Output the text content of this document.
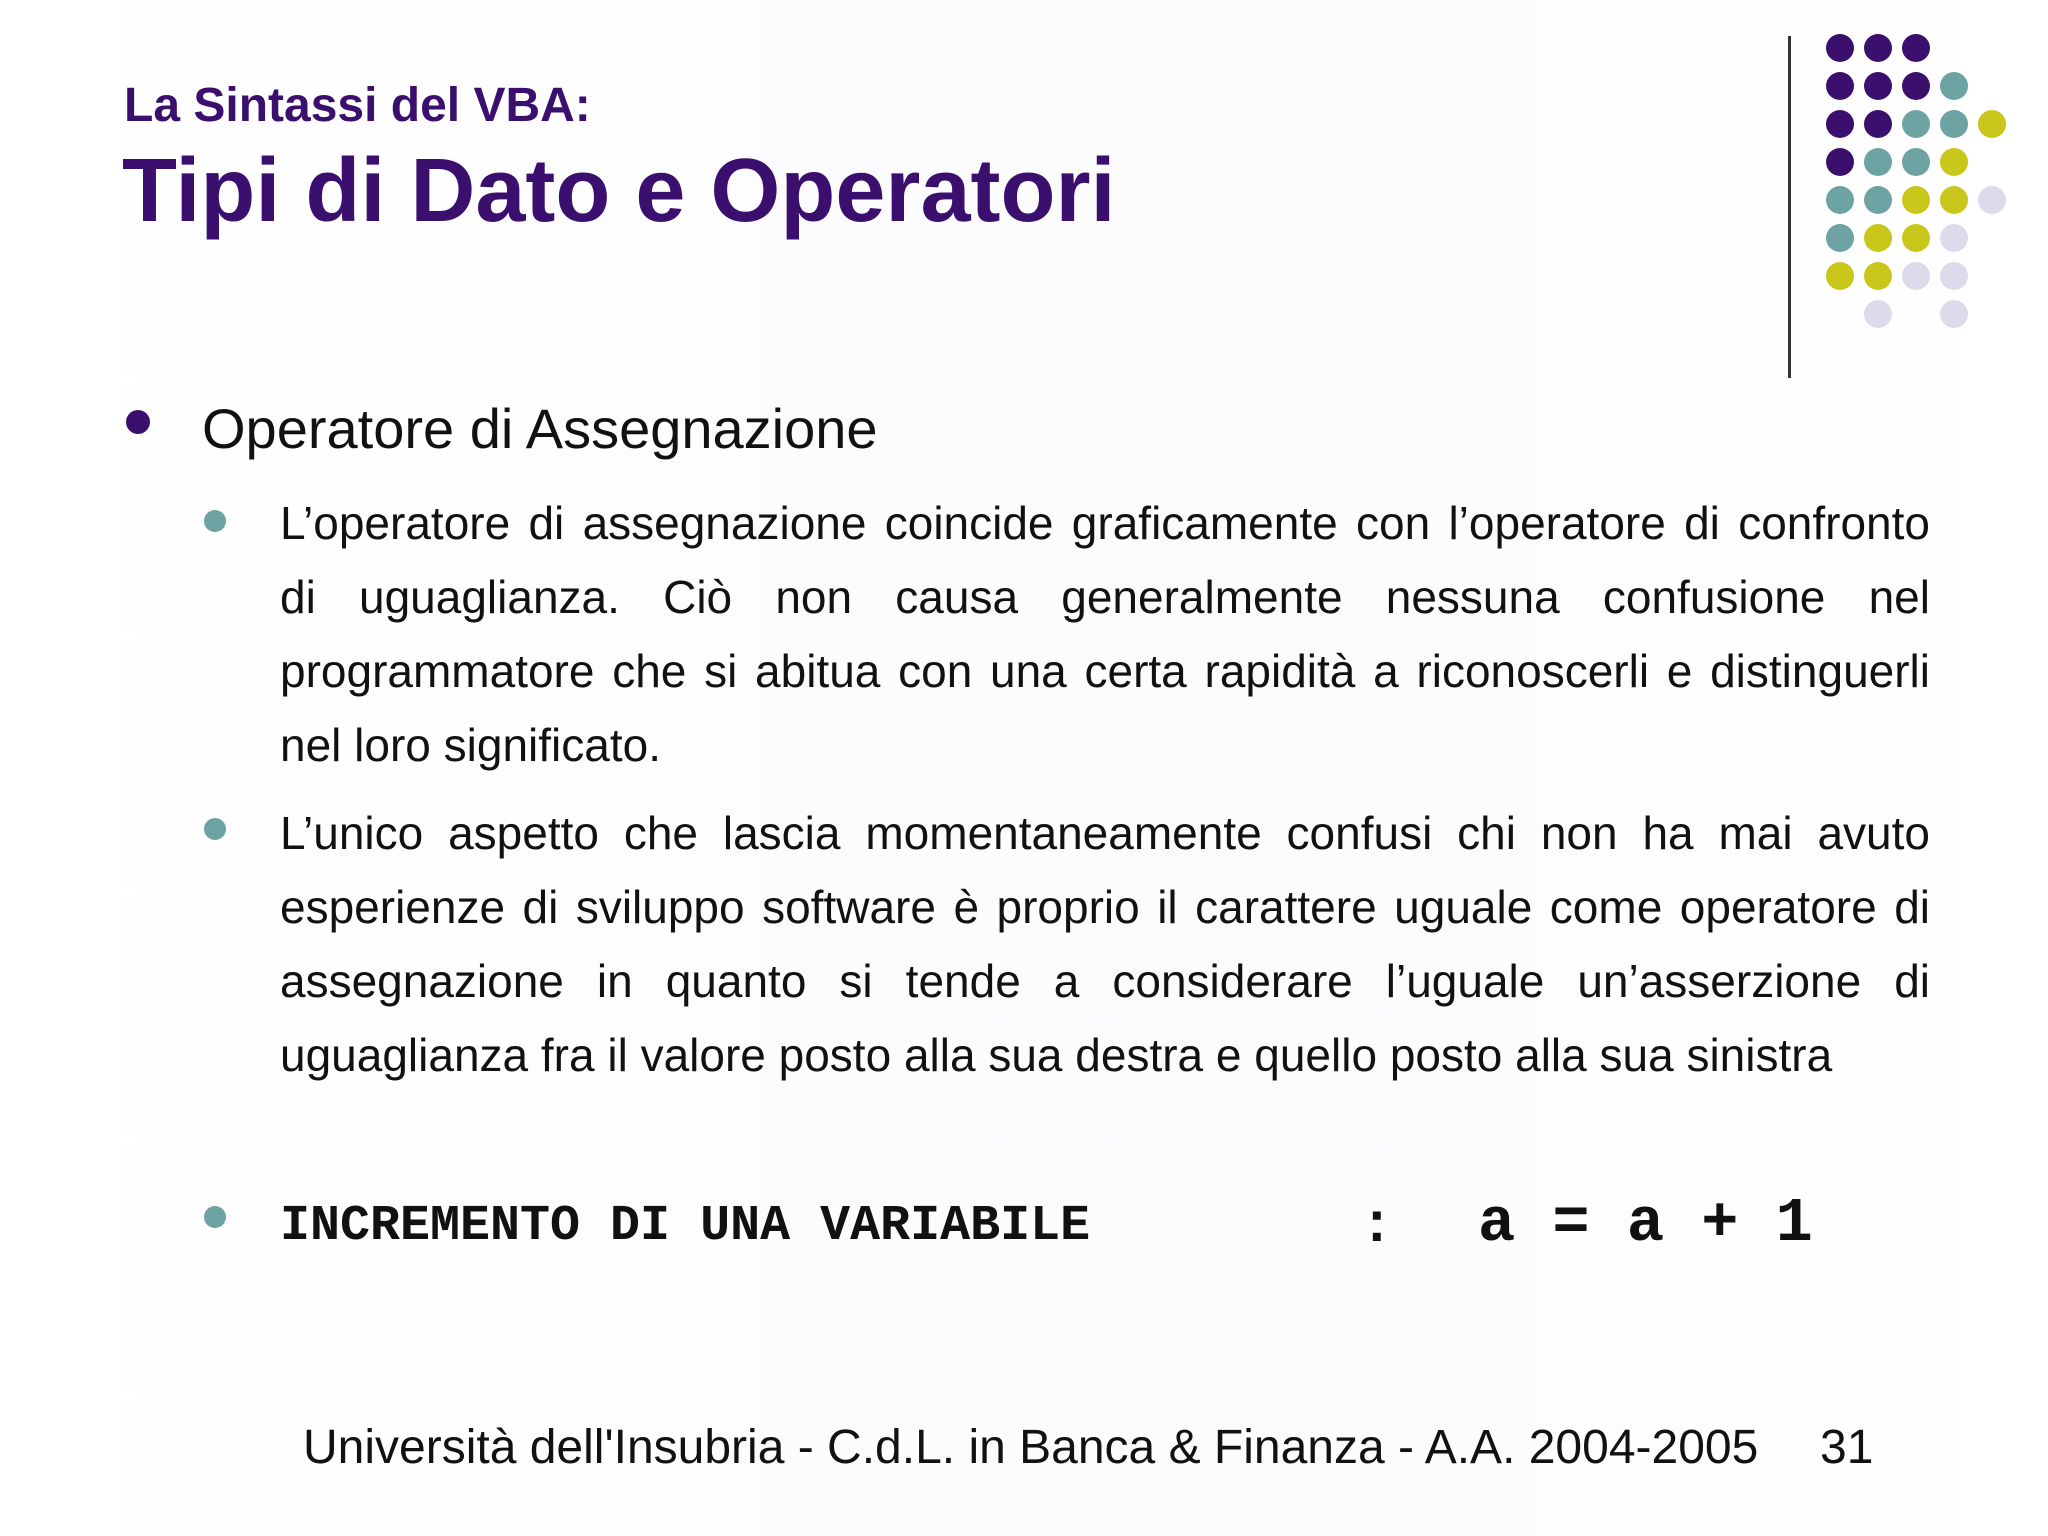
La Sintassi del VBA:
Tipi di Dato e Operatori
Operatore di Assegnazione
L’operatore di assegnazione coincide graficamente con l’operatore di confronto di uguaglianza. Ciò non causa generalmente nessuna confusione nel programmatore che si abitua con una certa rapidità a riconoscerli e distinguerli nel loro significato.
L’unico aspetto che lascia momentaneamente confusi chi non ha mai avuto esperienze di sviluppo software è proprio il carattere uguale come operatore di assegnazione in quanto si tende a considerare l’uguale un’asserzione di uguaglianza fra il valore posto alla sua destra e quello posto alla sua sinistra
INCREMENTO DI UNA VARIABILE	: a = a + 1
Università dell'Insubria - C.d.L. in Banca & Finanza - A.A. 2004-2005 31
